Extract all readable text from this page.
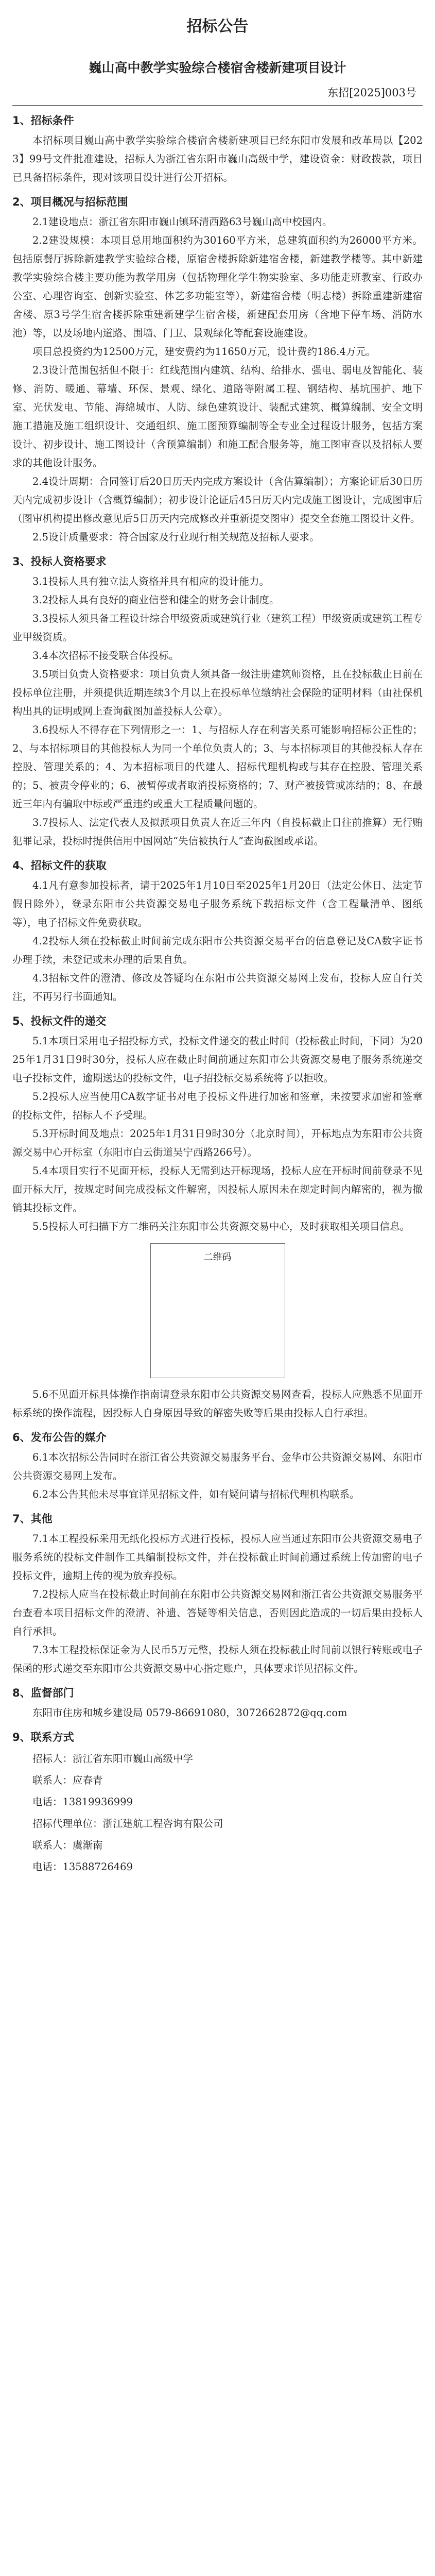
招标公告
巍山高中教学实验综合楼宿舍楼新建项目设计
东招[2025]003号
1、招标条件

本招标项目巍山高中教学实验综合楼宿舍楼新建项目已经东阳市发展和改革局以【2023】99号文件批准建设，招标人为浙江省东阳市巍山高级中学，建设资金：财政拨款，项目已具备招标条件，现对该项目设计进行公开招标。

2、项目概况与招标范围

2.1建设地点：浙江省东阳市巍山镇环清西路63号巍山高中校园内。

2.2建设规模：本项目总用地面积约为30160平方米，总建筑面积约为26000平方米。包括原餐厅拆除新建教学实验综合楼，原宿舍楼拆除新建宿舍楼，新建教学楼等。其中新建教学实验综合楼主要功能为教学用房（包括物理化学生物实验室、多功能走班教室、行政办公室、心理咨询室、创新实验室、体艺多功能室等），新建宿舍楼（明志楼）拆除重建新建宿舍楼、原3号学生宿舍楼拆除重建新建学生宿舍楼，新建配套用房（含地下停车场、消防水池）等，以及场地内道路、围墙、门卫、景观绿化等配套设施建设。

项目总投资约为12500万元，建安费约为11650万元，设计费约186.4万元。

2.3设计范围包括但不限于：红线范围内建筑、结构、给排水、强电、弱电及智能化、装修、消防、暖通、幕墙、环保、景观、绿化、道路等附属工程、钢结构、基坑围护、地下室、光伏发电、节能、海绵城市、人防、绿色建筑设计、装配式建筑、概算编制、安全文明施工措施及施工组织设计、交通组织、施工图预算编制等全专业全过程设计服务，包括方案设计、初步设计、施工图设计（含预算编制）和施工配合服务等，施工图审查以及招标人要求的其他设计服务。

2.4设计周期：合同签订后20日历天内完成方案设计（含估算编制）；方案论证后30日历天内完成初步设计（含概算编制）；初步设计论证后45日历天内完成施工图设计，完成图审后（图审机构提出修改意见后5日历天内完成修改并重新提交图审）提交全套施工图设计文件。

2.5设计质量要求：符合国家及行业现行相关规范及招标人要求。

3、投标人资格要求

3.1投标人具有独立法人资格并具有相应的设计能力。

3.2投标人具有良好的商业信誉和健全的财务会计制度。

3.3投标人须具备工程设计综合甲级资质或建筑行业（建筑工程）甲级资质或建筑工程专业甲级资质。

3.4本次招标不接受联合体投标。

3.5项目负责人资格要求：项目负责人须具备一级注册建筑师资格，且在投标截止日前在投标单位注册，并须提供近期连续3个月以上在投标单位缴纳社会保险的证明材料（由社保机构出具的证明或网上查询截图加盖投标人公章）。

3.6投标人不得存在下列情形之一：1、与招标人存在利害关系可能影响招标公正性的；2、与本招标项目的其他投标人为同一个单位负责人的；3、与本招标项目的其他投标人存在控股、管理关系的；4、为本招标项目的代建人、招标代理机构或与其存在控股、管理关系的；5、被责令停业的；6、被暂停或者取消投标资格的；7、财产被接管或冻结的；8、在最近三年内有骗取中标或严重违约或重大工程质量问题的。

3.7投标人、法定代表人及拟派项目负责人在近三年内（自投标截止日往前推算）无行贿犯罪记录，投标时提供信用中国网站“失信被执行人”查询截图或承诺。

4、招标文件的获取

4.1凡有意参加投标者，请于2025年1月10日至2025年1月20日（法定公休日、法定节假日除外），登录东阳市公共资源交易电子服务系统下载招标文件（含工程量清单、图纸等），电子招标文件免费获取。

4.2投标人须在投标截止时间前完成东阳市公共资源交易平台的信息登记及CA数字证书办理手续，未登记或未办理的后果自负。

4.3招标文件的澄清、修改及答疑均在东阳市公共资源交易网上发布，投标人应自行关注，不再另行书面通知。

5、投标文件的递交

5.1本项目采用电子招投标方式，投标文件递交的截止时间（投标截止时间，下同）为2025年1月31日9时30分，投标人应在截止时间前通过东阳市公共资源交易电子服务系统递交电子投标文件，逾期送达的投标文件，电子招投标交易系统将予以拒收。

5.2投标人应当使用CA数字证书对电子投标文件进行加密和签章，未按要求加密和签章的投标文件，招标人不予受理。

5.3开标时间及地点：2025年1月31日9时30分（北京时间），开标地点为东阳市公共资源交易中心开标室（东阳市白云街道吴宁西路266号）。

5.4本项目实行不见面开标，投标人无需到达开标现场，投标人应在开标时间前登录不见面开标大厅，按规定时间完成投标文件解密，因投标人原因未在规定时间内解密的，视为撤销其投标文件。

5.5投标人可扫描下方二维码关注东阳市公共资源交易中心，及时获取相关项目信息。

二维码

5.6不见面开标具体操作指南请登录东阳市公共资源交易网查看，投标人应熟悉不见面开标系统的操作流程，因投标人自身原因导致的解密失败等后果由投标人自行承担。

6、发布公告的媒介

6.1本次招标公告同时在浙江省公共资源交易服务平台、金华市公共资源交易网、东阳市公共资源交易网上发布。

6.2本公告其他未尽事宜详见招标文件，如有疑问请与招标代理机构联系。

7、其他

7.1本工程投标采用无纸化投标方式进行投标，投标人应当通过东阳市公共资源交易电子服务系统的投标文件制作工具编制投标文件，并在投标截止时间前通过系统上传加密的电子投标文件，逾期上传的视为放弃投标。

7.2投标人应当在投标截止时间前在东阳市公共资源交易网和浙江省公共资源交易服务平台查看本项目招标文件的澄清、补遗、答疑等相关信息，否则因此造成的一切后果由投标人自行承担。

7.3本工程投标保证金为人民币5万元整，投标人须在投标截止时间前以银行转账或电子保函的形式递交至东阳市公共资源交易中心指定账户，具体要求详见招标文件。

8、监督部门

东阳市住房和城乡建设局 0579-86691080，3072662872@qq.com

9、联系方式

招标人：浙江省东阳市巍山高级中学

联系人：应春青

电话：13819936999

招标代理单位：浙江建航工程咨询有限公司

联系人：虞渐南

电话：13588726469
